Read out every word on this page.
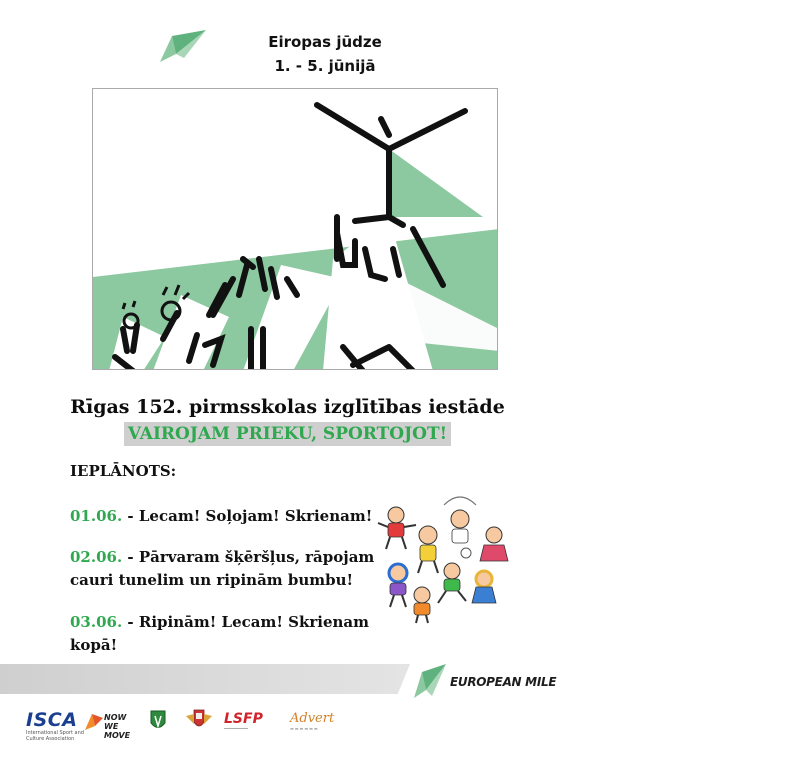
Eiropas jūdze
1. - 5. jūnijā
Rīgas 152. pirmsskolas izglītības iestāde
VAIROJAM PRIEKU, SPORTOJOT!
IEPLĀNOTS:
01.06. - Lecam! Soļojam! Skrienam!
02.06. - Pārvaram šķēršļus, rāpojam cauri tunelim un ripinām bumbu!
03.06. - Ripinām! Lecam! Skrienam kopā!
EUROPEAN MILE
ISCA
International Sport and Culture Association
NOW WE MOVE
LSFP
━━━━━━━━━━
Advert
▬▬▬▬▬▬
